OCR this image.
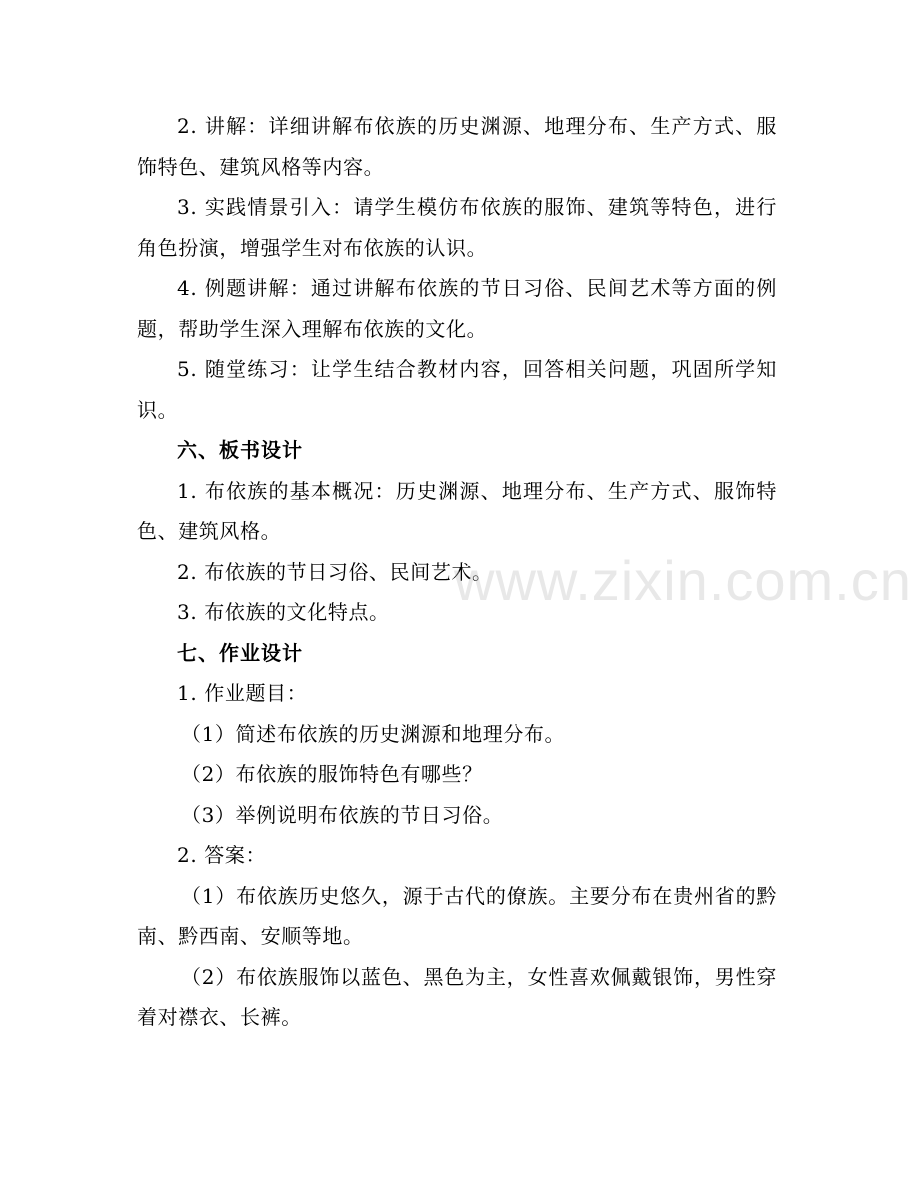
2. 讲解：详细讲解布依族的历史渊源、地理分布、生产方式、服饰特色、建筑风格等内容。

3. 实践情景引入：请学生模仿布依族的服饰、建筑等特色，进行角色扮演，增强学生对布依族的认识。

4. 例题讲解：通过讲解布依族的节日习俗、民间艺术等方面的例题，帮助学生深入理解布依族的文化。

5. 随堂练习：让学生结合教材内容，回答相关问题，巩固所学知识。

六、板书设计

1. 布依族的基本概况：历史渊源、地理分布、生产方式、服饰特色、建筑风格。

2. 布依族的节日习俗、民间艺术。

3. 布依族的文化特点。

七、作业设计

1. 作业题目：

（1）简述布依族的历史渊源和地理分布。

（2）布依族的服饰特色有哪些？

（3）举例说明布依族的节日习俗。

2. 答案：

（1）布依族历史悠久，源于古代的僚族。主要分布在贵州省的黔南、黔西南、安顺等地。

（2）布依族服饰以蓝色、黑色为主，女性喜欢佩戴银饰，男性穿着对襟衣、长裤。

www.zixin.com.cn
